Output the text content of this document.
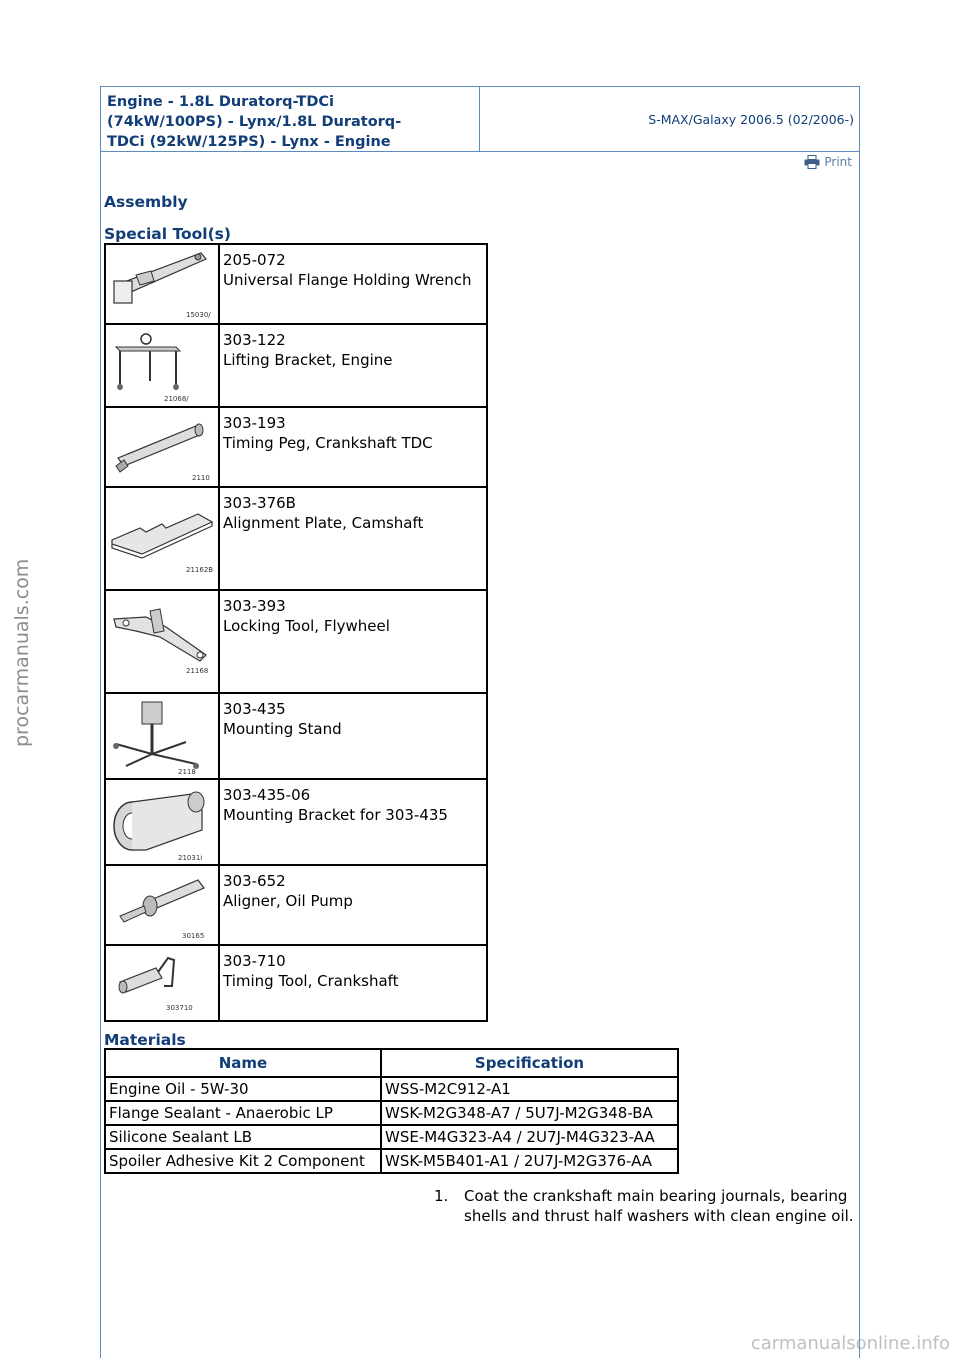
procarmanuals.com
carmanualsonline.info
Engine - 1.8L Duratorq-TDCi
(74kW/100PS) - Lynx/1.8L Duratorq-
TDCi (92kW/125PS) - Lynx - Engine
S-MAX/Galaxy 2006.5 (02/2006-)
Print
Assembly
Special Tool(s)
15030/	205-072
Universal Flange Holding Wrench

21068/	303-122
Lifting Bracket, Engine

2110	303-193
Timing Peg, Crankshaft TDC

21162B	303-376B
Alignment Plate, Camshaft

21168	303-393
Locking Tool, Flywheel

2118	303-435
Mounting Stand

21031i	303-435-06
Mounting Bracket for 303-435

30165	303-652
Aligner, Oil Pump

303710	303-710
Timing Tool, Crankshaft
Materials
Name	Specification
Engine Oil - 5W-30	WSS-M2C912-A1
Flange Sealant - Anaerobic LP	WSK-M2G348-A7 / 5U7J-M2G348-BA
Silicone Sealant LB	WSE-M4G323-A4 / 2U7J-M4G323-AA
Spoiler Adhesive Kit 2 Component	WSK-M5B401-A1 / 2U7J-M2G376-AA
1.	Coat the crankshaft main bearing journals, bearing shells and thrust half washers with clean engine oil.
